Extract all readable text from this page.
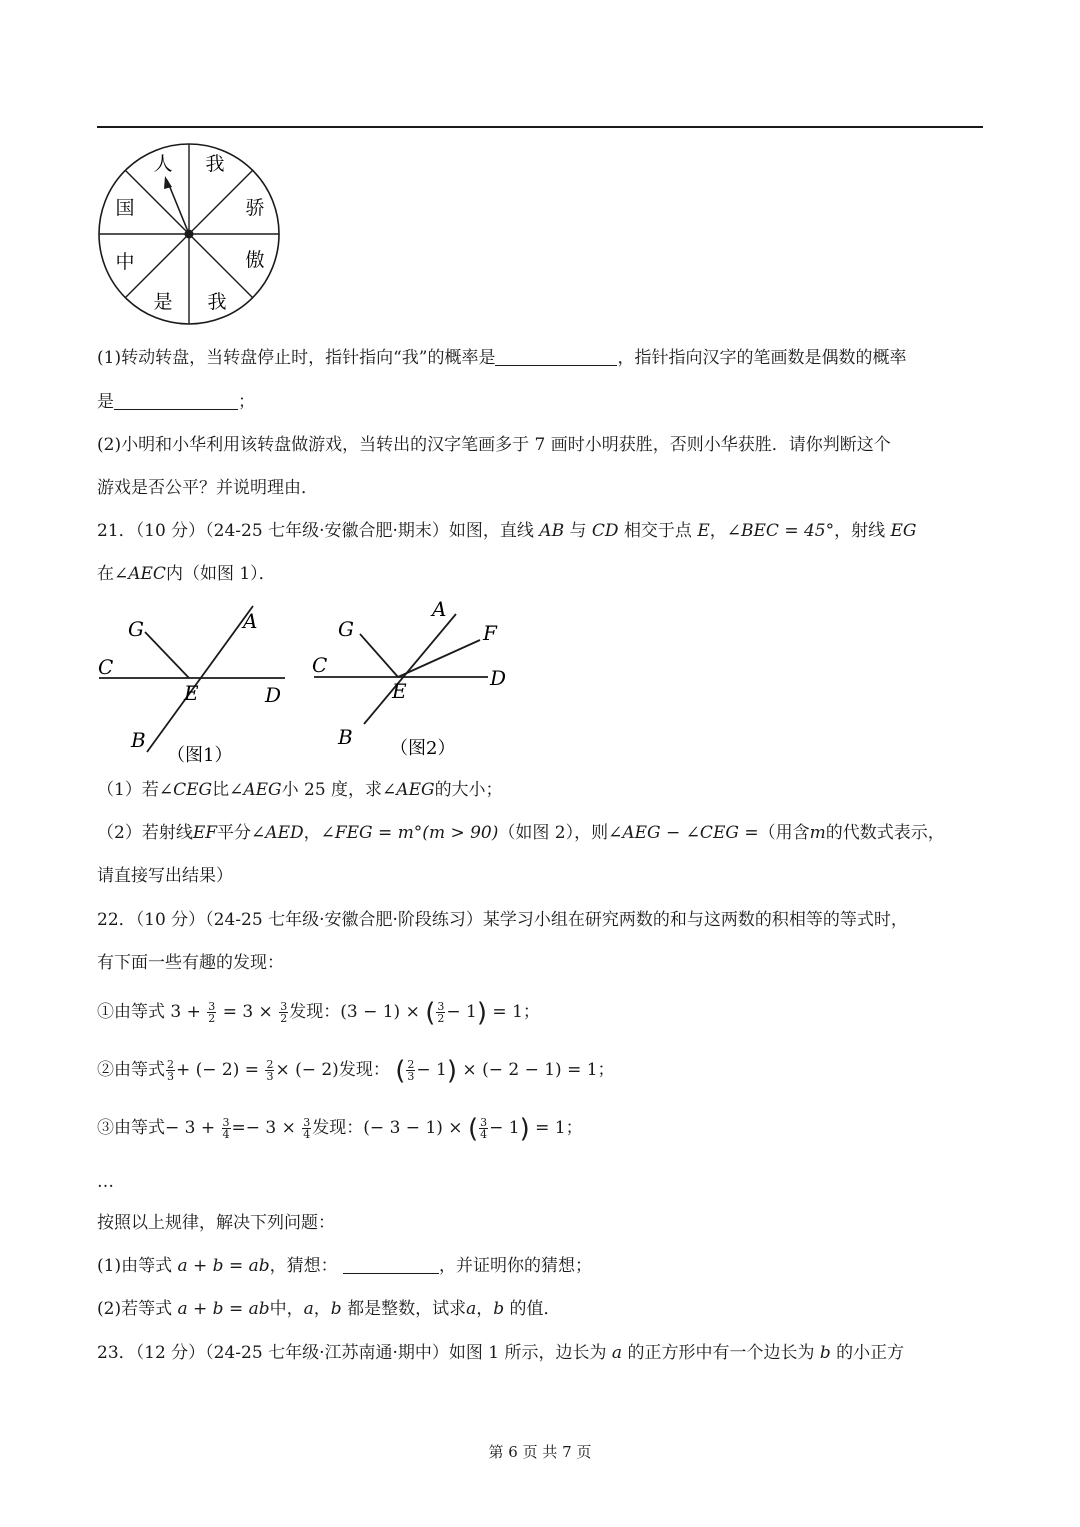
人 我
骄
傲
我
是
中
国
(1)转动转盘，当转盘停止时，指针指向“我”的概率是	，指针指向汉字的笔画数是偶数的概率
是	；
(2)小明和小华利用该转盘做游戏，当转出的汉字笔画多于 7 画时小明获胜，否则小华获胜．请你判断这个
游戏是否公平？并说明理由．
21．（10 分）（24-25 七年级·安徽合肥·期末）如图，直线 AB 与 CD 相交于点 E，∠BEC = 45°，射线 EG
在∠AEC内（如图 1）．
G	A
C
E	D
B
（图1）
G
A
F
C
E
D
B （图2）
（1）若∠CEG比∠AEG小 25 度，求∠AEG的大小；
（2）若射线EF平分∠AED，∠FEG = m°(m > 90)（如图 2），则∠AEG − ∠CEG =（用含m的代数式表示，
请直接写出结果）
22．（10 分）（24-25 七年级·安徽合肥·阶段练习）某学习小组在研究两数的和与这两数的积相等的等式时，
有下面一些有趣的发现：
①由等式 $3 + \frac{3}{2} = 3 \times \frac{3}{2}$ 发现：(3 − 1) × ( $\frac{3}{2} - 1) = 1$；
②由等式 $\frac{2}{3}$ + (− $2) = \frac{2}{3}$ × (− 2)发现： ( $\frac{2}{3} - 1$) × (− 2 − 1) = 1；
③由等式− $3 + \frac{3}{4} =- 3 \times \frac{3}{4}$ 发现：(− 3 − 1) × ( $\frac{3}{4} - 1) = 1$；
…
按照以上规律，解决下列问题：
(1)由等式 a + b = ab，猜想：	，并证明你的猜想；
(2)若等式 a + b = ab中，a，b 都是整数，试求a，b 的值．
23．（12 分）（24-25 七年级·江苏南通·期中）如图 1 所示，边长为 a 的正方形中有一个边长为 b 的小正方
第 6 页 共 7 页
